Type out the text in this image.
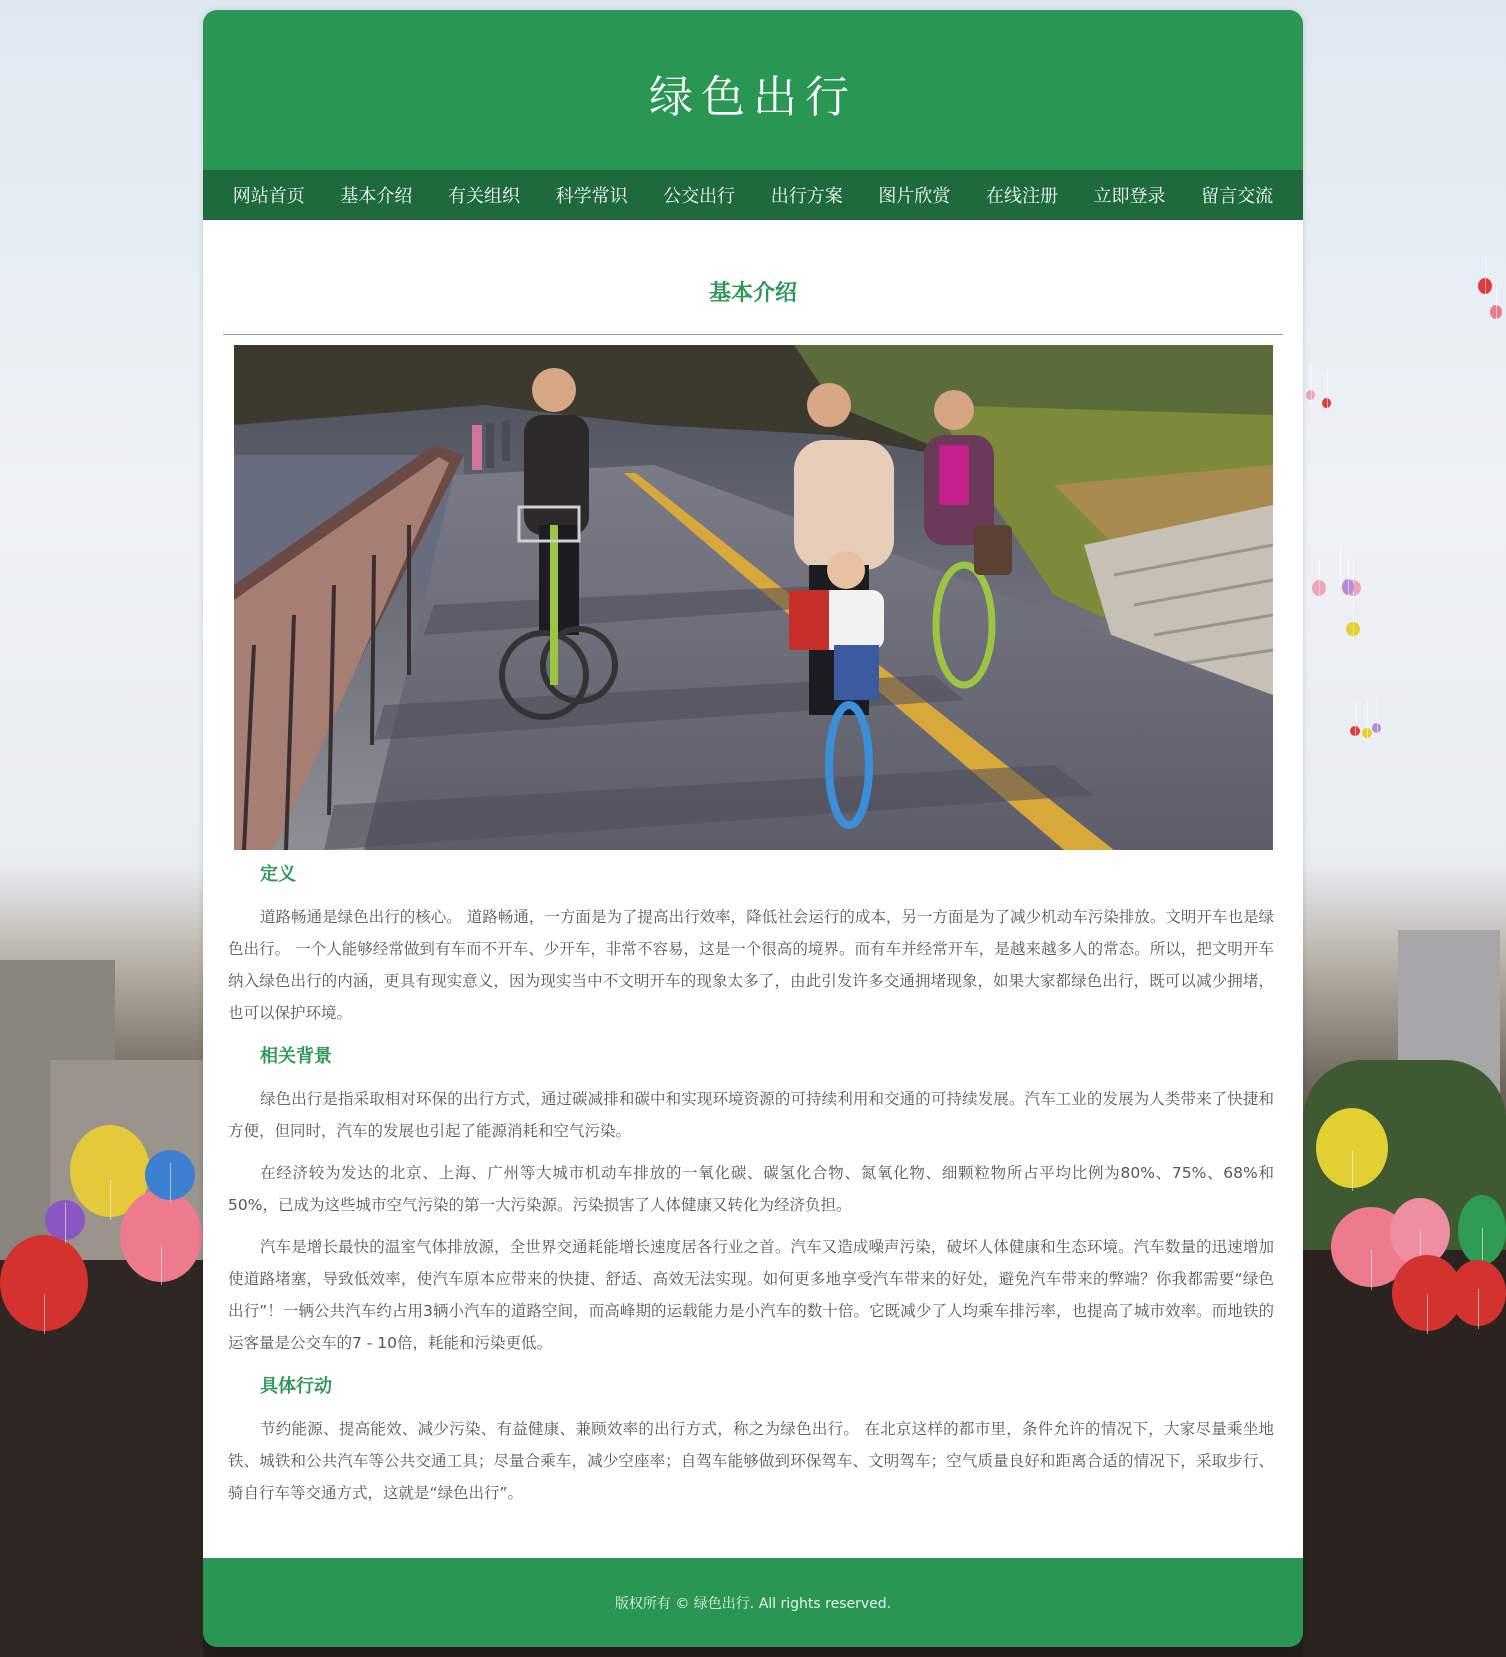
绿色出行
网站首页 基本介绍 有关组织 科学常识 公交出行 出行方案 图片欣赏 在线注册 立即登录 留言交流
基本介绍
定义

道路畅通是绿色出行的核心。 道路畅通，一方面是为了提高出行效率，降低社会运行的成本，另一方面是为了减少机动车污染排放。文明开车也是绿色出行。 一个人能够经常做到有车而不开车、少开车，非常不容易，这是一个很高的境界。而有车并经常开车，是越来越多人的常态。所以，把文明开车纳入绿色出行的内涵，更具有现实意义，因为现实当中不文明开车的现象太多了，由此引发许多交通拥堵现象，如果大家都绿色出行，既可以减少拥堵，也可以保护环境。

相关背景

绿色出行是指采取相对环保的出行方式，通过碳减排和碳中和实现环境资源的可持续利用和交通的可持续发展。汽车工业的发展为人类带来了快捷和方便，但同时，汽车的发展也引起了能源消耗和空气污染。

在经济较为发达的北京、上海、广州等大城市机动车排放的一氧化碳、碳氢化合物、氮氧化物、细颗粒物所占平均比例为80%、75%、68%和50%，已成为这些城市空气污染的第一大污染源。污染损害了人体健康又转化为经济负担。

汽车是增长最快的温室气体排放源，全世界交通耗能增长速度居各行业之首。汽车又造成噪声污染，破坏人体健康和生态环境。汽车数量的迅速增加使道路堵塞，导致低效率，使汽车原本应带来的快捷、舒适、高效无法实现。如何更多地享受汽车带来的好处，避免汽车带来的弊端？你我都需要“绿色出行”！一辆公共汽车约占用3辆小汽车的道路空间，而高峰期的运载能力是小汽车的数十倍。它既减少了人均乘车排污率，也提高了城市效率。而地铁的运客量是公交车的7 - 10倍，耗能和污染更低。

具体行动

节约能源、提高能效、减少污染、有益健康、兼顾效率的出行方式，称之为绿色出行。 在北京这样的都市里，条件允许的情况下，大家尽量乘坐地铁、城铁和公共汽车等公共交通工具；尽量合乘车，减少空座率；自驾车能够做到环保驾车、文明驾车；空气质量良好和距离合适的情况下，采取步行、骑自行车等交通方式，这就是“绿色出行”。

版权所有 © 绿色出行. All rights reserved.
